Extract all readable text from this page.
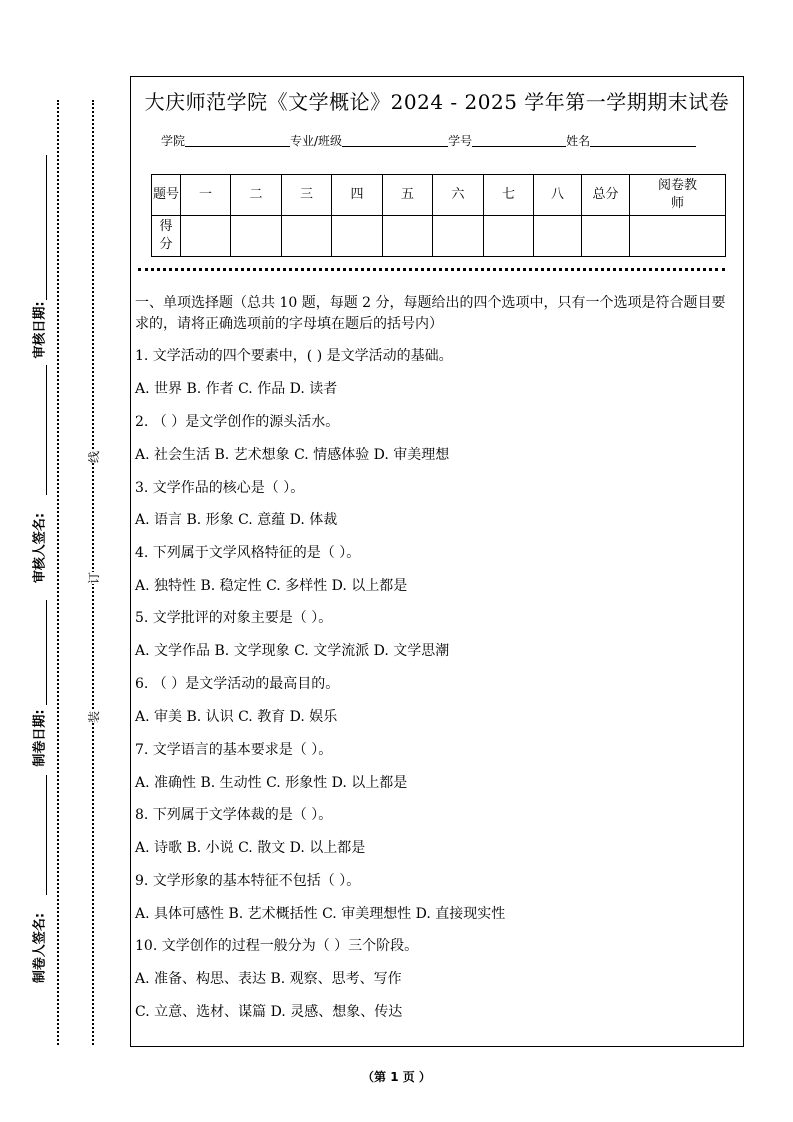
审核日期:
审核人签名:
制卷日期:
制卷人签名:
线
订
装
大庆师范学院《文学概论》2024 - 2025 学年第一学期期末试卷
学院	专业/班级	学号	姓名
题号	一	二	三	四	五	六	七	八	总分	阅卷教师
得分										
一、单项选择题（总共 10 题，每题 2 分，每题给出的四个选项中，只有一个选项是符合题目要求的，请将正确选项前的字母填在题后的括号内）
1. 文学活动的四个要素中，( ) 是文学活动的基础。
A. 世界 B. 作者 C. 作品 D. 读者
2. （ ）是文学创作的源头活水。
A. 社会生活 B. 艺术想象 C. 情感体验 D. 审美理想
3. 文学作品的核心是（ ）。
A. 语言 B. 形象 C. 意蕴 D. 体裁
4. 下列属于文学风格特征的是（ ）。
A. 独特性 B. 稳定性 C. 多样性 D. 以上都是
5. 文学批评的对象主要是（ ）。
A. 文学作品 B. 文学现象 C. 文学流派 D. 文学思潮
6. （ ）是文学活动的最高目的。
A. 审美 B. 认识 C. 教育 D. 娱乐
7. 文学语言的基本要求是（ ）。
A. 准确性 B. 生动性 C. 形象性 D. 以上都是
8. 下列属于文学体裁的是（ ）。
A. 诗歌 B. 小说 C. 散文 D. 以上都是
9. 文学形象的基本特征不包括（ ）。
A. 具体可感性 B. 艺术概括性 C. 审美理想性 D. 直接现实性
10. 文学创作的过程一般分为（ ）三个阶段。
A. 准备、构思、表达 B. 观察、思考、写作
C. 立意、选材、谋篇 D. 灵感、想象、传达
（第 1 页 ）
